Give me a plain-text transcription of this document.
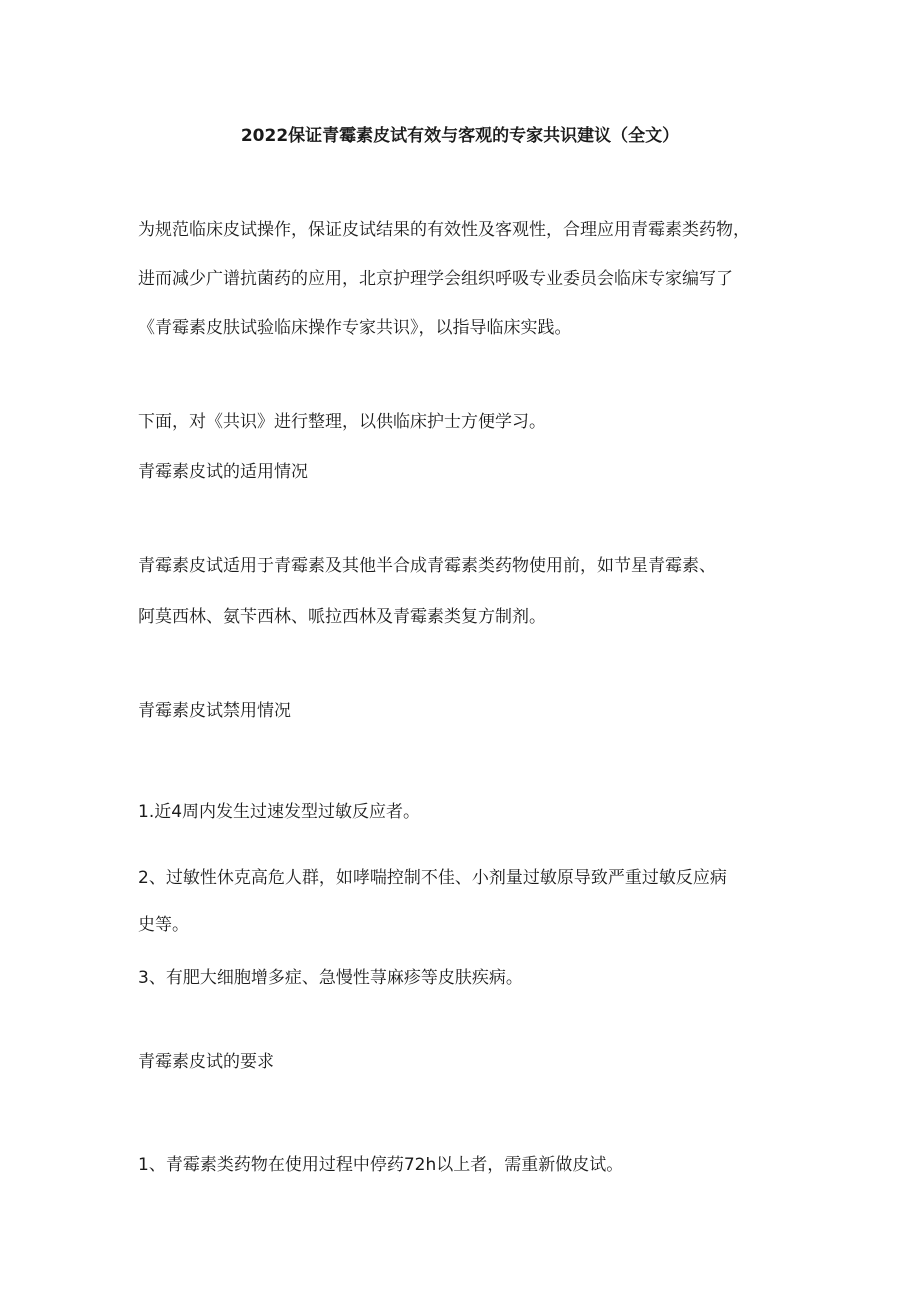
2022保证青霉素皮试有效与客观的专家共识建议（全文）
为规范临床皮试操作，保证皮试结果的有效性及客观性，合理应用青霉素类药物，
进而减少广谱抗菌药的应用，北京护理学会组织呼吸专业委员会临床专家编写了
《青霉素皮肤试验临床操作专家共识》，以指导临床实践。
下面，对《共识》进行整理，以供临床护士方便学习。
青霉素皮试的适用情况
青霉素皮试适用于青霉素及其他半合成青霉素类药物使用前，如节星青霉素、
阿莫西林、氨苄西林、哌拉西林及青霉素类复方制剂。
青霉素皮试禁用情况
1.近4周内发生过速发型过敏反应者。
2、过敏性休克高危人群，如哮喘控制不佳、小剂量过敏原导致严重过敏反应病
史等。
3、有肥大细胞增多症、急慢性荨麻疹等皮肤疾病。
青霉素皮试的要求
1、青霉素类药物在使用过程中停药72h以上者，需重新做皮试。
